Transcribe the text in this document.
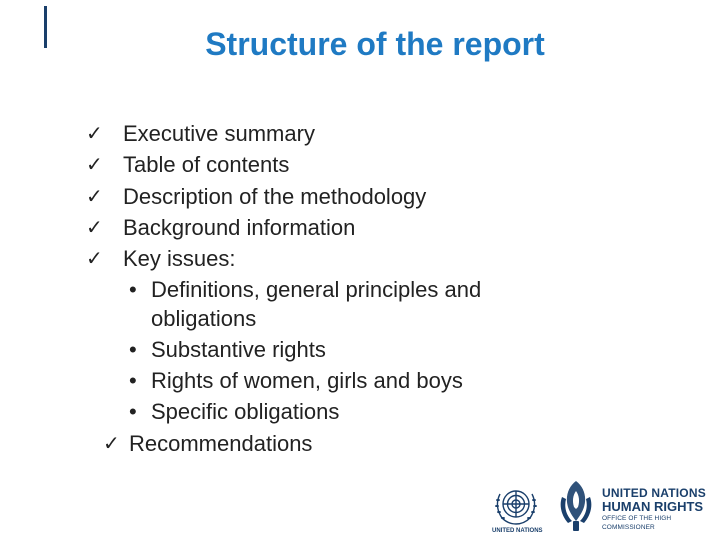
Structure of the report
✓ Executive summary
✓ Table of contents
✓ Description of the methodology
✓ Background information
✓ Key issues:
• Definitions, general principles and
obligations
• Substantive rights
• Rights of women, girls and boys
• Specific obligations
✓ Recommendations
UNITED NATIONS
UNITED NATIONS
HUMAN RIGHTS
OFFICE OF THE HIGH COMMISSIONER
